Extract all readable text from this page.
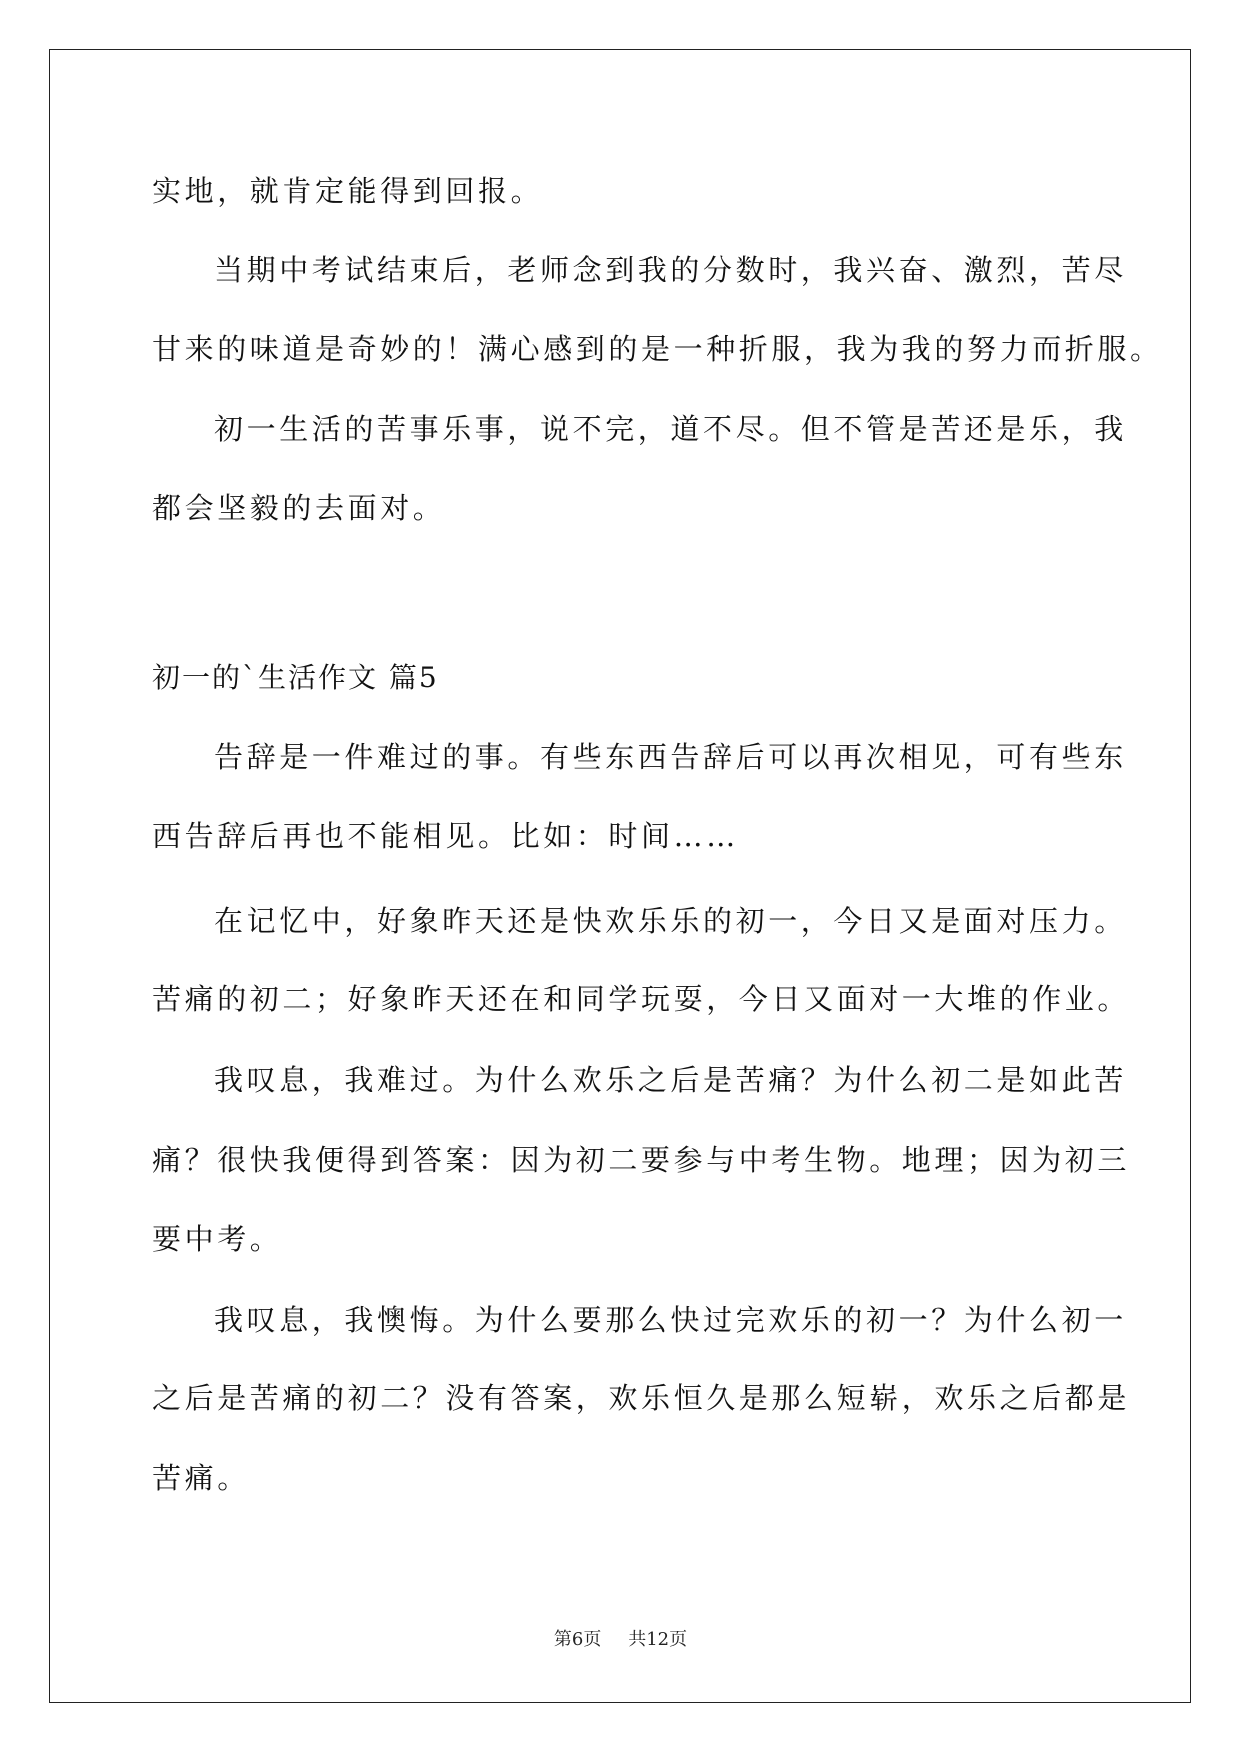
实地，就肯定能得到回报。
当期中考试结束后，老师念到我的分数时，我兴奋、激烈，苦尽
甘来的味道是奇妙的！满心感到的是一种折服，我为我的努力而折服。
初一生活的苦事乐事，说不完，道不尽。但不管是苦还是乐，我
都会坚毅的去面对。
初一的`生活作文 篇5
告辞是一件难过的事。有些东西告辞后可以再次相见，可有些东
西告辞后再也不能相见。比如：时间……
在记忆中，好象昨天还是快欢乐乐的初一，今日又是面对压力。
苦痛的初二；好象昨天还在和同学玩耍，今日又面对一大堆的作业。
我叹息，我难过。为什么欢乐之后是苦痛？为什么初二是如此苦
痛？很快我便得到答案：因为初二要参与中考生物。地理；因为初三
要中考。
我叹息，我懊悔。为什么要那么快过完欢乐的初一？为什么初一
之后是苦痛的初二？没有答案，欢乐恒久是那么短崭，欢乐之后都是
苦痛。
第6页 共12页
